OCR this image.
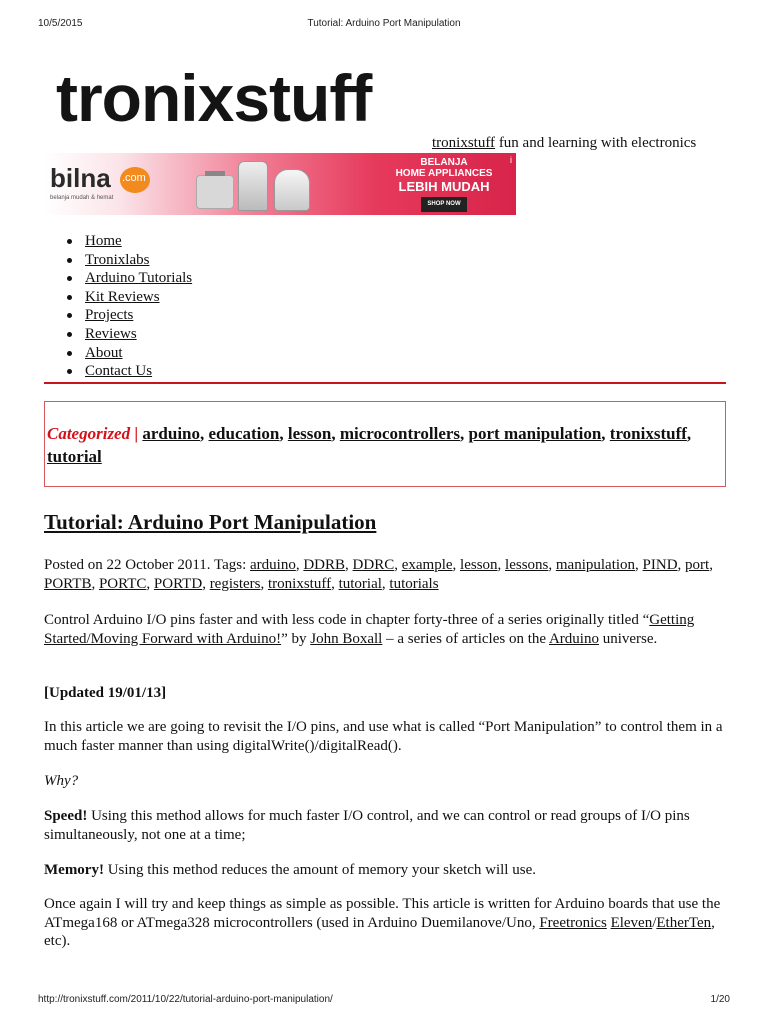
10/5/2015	Tutorial: Arduino Port Manipulation
tronixstuff
tronixstuff fun and learning with electronics
bilna .com
belanja mudah & hemat
BELANJA
HOME APPLIANCES
LEBIH MUDAH
SHOP NOW
i
Home
Tronixlabs
Arduino Tutorials
Kit Reviews
Projects
Reviews
About
Contact Us
Categorized | arduino, education, lesson, microcontrollers, port manipulation, tronixstuff, tutorial
Tutorial: Arduino Port Manipulation

Posted on 22 October 2011. Tags: arduino, DDRB, DDRC, example, lesson, lessons, manipulation, PIND, port, PORTB, PORTC, PORTD, registers, tronixstuff, tutorial, tutorials

Control Arduino I/O pins faster and with less code in chapter forty-three of a series originally titled “Getting Started/Moving Forward with Arduino!” by John Boxall – a series of articles on the Arduino universe.

[Updated 19/01/13]

In this article we are going to revisit the I/O pins, and use what is called “Port Manipulation” to control them in a much faster manner than using digitalWrite()/digitalRead().

Why?

Speed! Using this method allows for much faster I/O control, and we can control or read groups of I/O pins simultaneously, not one at a time;

Memory! Using this method reduces the amount of memory your sketch will use.

Once again I will try and keep things as simple as possible. This article is written for Arduino boards that use the ATmega168 or ATmega328 microcontrollers (used in Arduino Duemilanove/Uno, Freetronics Eleven/EtherTen, etc).

http://tronixstuff.com/2011/10/22/tutorial-arduino-port-manipulation/	1/20
